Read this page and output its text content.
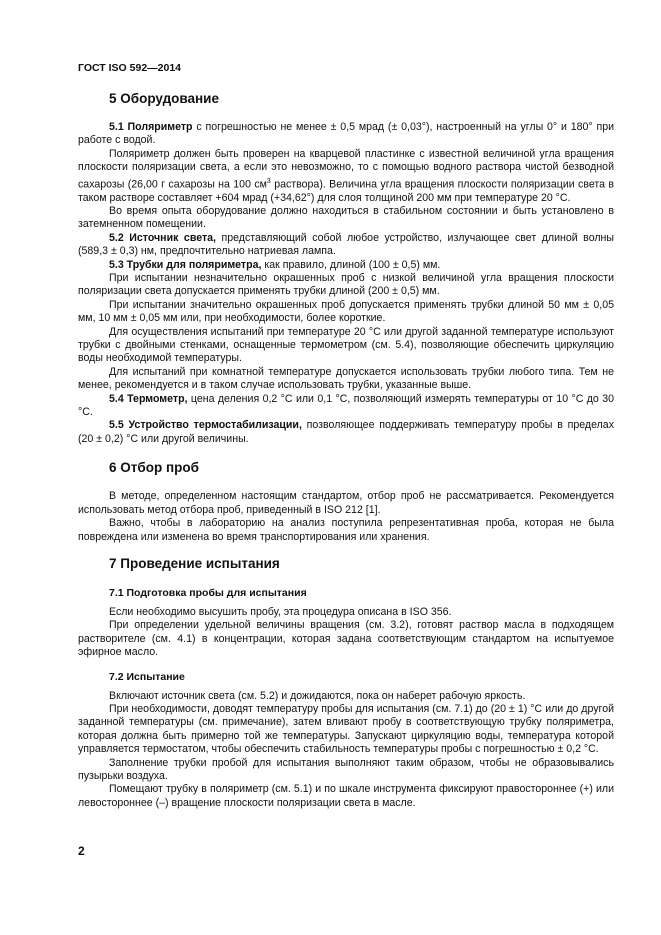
ГОСТ ISO 592—2014
5 Оборудование

5.1 Поляриметр с погрешностью не менее ± 0,5 мрад (± 0,03°), настроенный на углы 0° и 180° при работе с водой.

Поляриметр должен быть проверен на кварцевой пластинке с известной величиной угла вращения плоскости поляризации света, а если это невозможно, то с помощью водного раствора чистой безводной сахарозы (26,00 г сахарозы на 100 $см^3$ раствора). Величина угла вращения плоскости поляризации света в таком растворе составляет +604 мрад (+34,62°) для слоя толщиной 200 мм при температуре 20 °С.

Во время опыта оборудование должно находиться в стабильном состоянии и быть установлено в затемненном помещении.

5.2 Источник света, представляющий собой любое устройство, излучающее свет длиной волны (589,3 ± 0,3) нм, предпочтительно натриевая лампа.

5.3 Трубки для поляриметра, как правило, длиной (100 ± 0,5) мм.

При испытании незначительно окрашенных проб с низкой величиной угла вращения плоскости поляризации света допускается применять трубки длиной (200 ± 0,5) мм.

При испытании значительно окрашенных проб допускается применять трубки длиной 50 мм ± 0,05 мм, 10 мм ± 0,05 мм или, при необходимости, более короткие.

Для осуществления испытаний при температуре 20 °С или другой заданной температуре используют трубки с двойными стенками, оснащенные термометром (см. 5.4), позволяющие обеспечить циркуляцию воды необходимой температуры.

Для испытаний при комнатной температуре допускается использовать трубки любого типа. Тем не менее, рекомендуется и в таком случае использовать трубки, указанные выше.

5.4 Термометр, цена деления 0,2 °С или 0,1 °С, позволяющий измерять температуры от 10 °С до 30 °С.

5.5 Устройство термостабилизации, позволяющее поддерживать температуру пробы в пределах (20 ± 0,2) °С или другой величины.

6 Отбор проб

В методе, определенном настоящим стандартом, отбор проб не рассматривается. Рекомендуется использовать метод отбора проб, приведенный в ISO 212 [1].

Важно, чтобы в лабораторию на анализ поступила репрезентативная проба, которая не была повреждена или изменена во время транспортирования или хранения.

7 Проведение испытания
7.1 Подготовка пробы для испытания

Если необходимо высушить пробу, эта процедура описана в ISO 356.

При определении удельной величины вращения (см. 3.2), готовят раствор масла в подходящем растворителе (см. 4.1) в концентрации, которая задана соответствующим стандартом на испытуемое эфирное масло.

7.2 Испытание

Включают источник света (см. 5.2) и дожидаются, пока он наберет рабочую яркость.

При необходимости, доводят температуру пробы для испытания (см. 7.1) до (20 ± 1) °С или до другой заданной температуры (см. примечание), затем вливают пробу в соответствующую трубку поляриметра, которая должна быть примерно той же температуры. Запускают циркуляцию воды, температура которой управляется термостатом, чтобы обеспечить стабильность температуры пробы с погрешностью ± 0,2 °С.

Заполнение трубки пробой для испытания выполняют таким образом, чтобы не образовывались пузырьки воздуха.

Помещают трубку в поляриметр (см. 5.1) и по шкале инструмента фиксируют правостороннее (+) или левостороннее (–) вращение плоскости поляризации света в масле.

2
